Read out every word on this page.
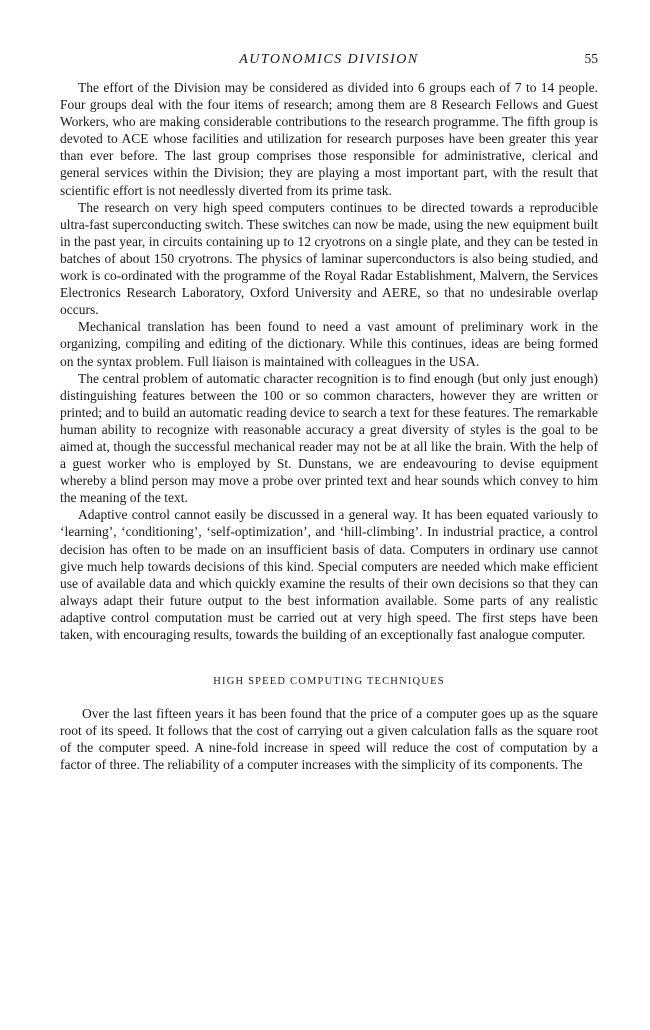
AUTONOMICS DIVISION	55

The effort of the Division may be considered as divided into 6 groups each of 7 to 14 people. Four groups deal with the four items of research; among them are 8 Research Fellows and Guest Workers, who are making considerable contributions to the research programme. The fifth group is devoted to ACE whose facilities and utilization for research purposes have been greater this year than ever before. The last group comprises those responsible for administrative, clerical and general services within the Division; they are playing a most important part, with the result that scientific effort is not needlessly diverted from its prime task.

The research on very high speed computers continues to be directed towards a reproducible ultra-fast superconducting switch. These switches can now be made, using the new equipment built in the past year, in circuits containing up to 12 cryotrons on a single plate, and they can be tested in batches of about 150 cryotrons. The physics of laminar superconductors is also being studied, and work is co-ordinated with the programme of the Royal Radar Establishment, Malvern, the Services Electronics Research Laboratory, Oxford University and AERE, so that no undesirable overlap occurs.

Mechanical translation has been found to need a vast amount of preliminary work in the organizing, compiling and editing of the dictionary. While this continues, ideas are being formed on the syntax problem. Full liaison is maintained with colleagues in the USA.

The central problem of automatic character recognition is to find enough (but only just enough) distinguishing features between the 100 or so common characters, however they are written or printed; and to build an automatic reading device to search a text for these features. The remarkable human ability to recognize with reasonable accuracy a great diversity of styles is the goal to be aimed at, though the successful mechanical reader may not be at all like the brain. With the help of a guest worker who is employed by St. Dunstans, we are endeavouring to devise equipment whereby a blind person may move a probe over printed text and hear sounds which convey to him the meaning of the text.

Adaptive control cannot easily be discussed in a general way. It has been equated variously to ‘learning’, ‘conditioning’, ‘self-optimization’, and ‘hill-climbing’. In industrial practice, a control decision has often to be made on an insufficient basis of data. Computers in ordinary use cannot give much help towards decisions of this kind. Special computers are needed which make efficient use of available data and which quickly examine the results of their own decisions so that they can always adapt their future output to the best information available. Some parts of any realistic adaptive control computation must be carried out at very high speed. The first steps have been taken, with encouraging results, towards the building of an exceptionally fast analogue computer.

HIGH SPEED COMPUTING TECHNIQUES

Over the last fifteen years it has been found that the price of a computer goes up as the square root of its speed. It follows that the cost of carrying out a given calculation falls as the square root of the computer speed. A nine-fold increase in speed will reduce the cost of computation by a factor of three. The reliability of a computer increases with the simplicity of its components. The
